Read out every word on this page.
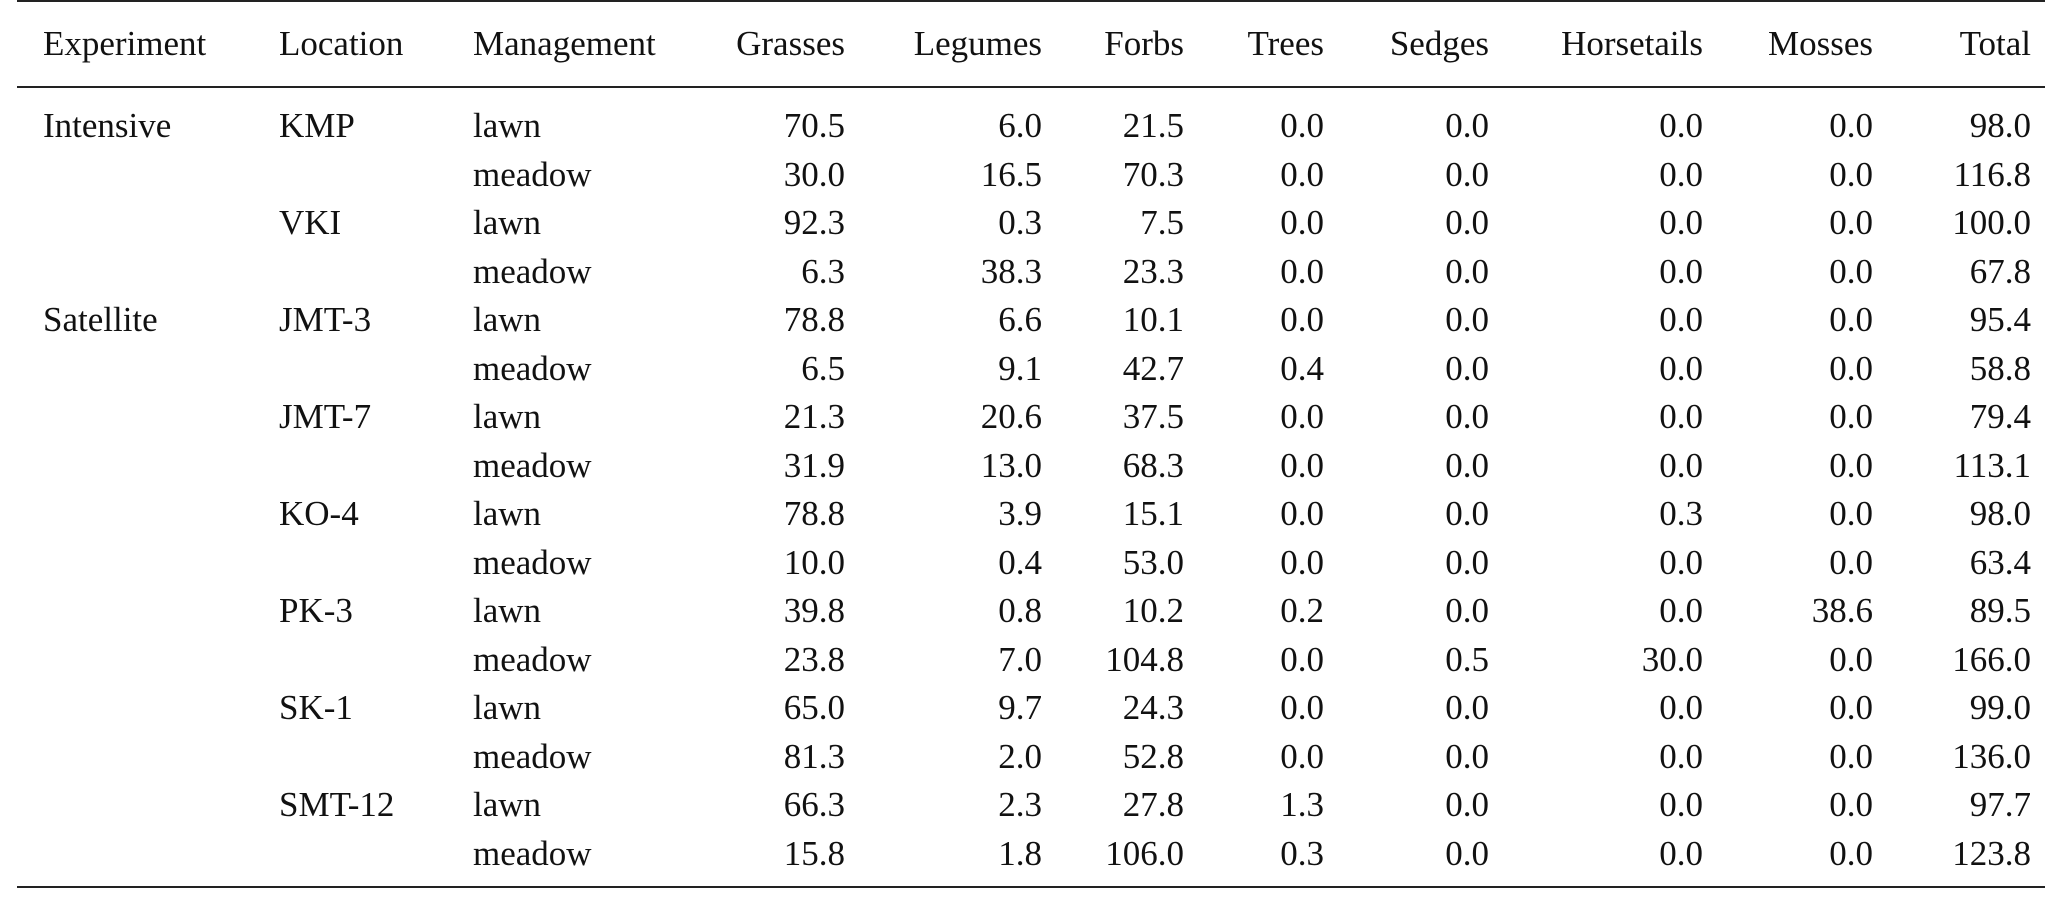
Experiment	Location	Management	Grasses	Legumes	Forbs	Trees	Sedges	Horsetails	Mosses	Total
Intensive	KMP	lawn	70.5	6.0	21.5	0.0	0.0	0.0	0.0	98.0
		meadow	30.0	16.5	70.3	0.0	0.0	0.0	0.0	116.8
	VKI	lawn	92.3	0.3	7.5	0.0	0.0	0.0	0.0	100.0
		meadow	6.3	38.3	23.3	0.0	0.0	0.0	0.0	67.8
Satellite	JMT-3	lawn	78.8	6.6	10.1	0.0	0.0	0.0	0.0	95.4
		meadow	6.5	9.1	42.7	0.4	0.0	0.0	0.0	58.8
	JMT-7	lawn	21.3	20.6	37.5	0.0	0.0	0.0	0.0	79.4
		meadow	31.9	13.0	68.3	0.0	0.0	0.0	0.0	113.1
	KO-4	lawn	78.8	3.9	15.1	0.0	0.0	0.3	0.0	98.0
		meadow	10.0	0.4	53.0	0.0	0.0	0.0	0.0	63.4
	PK-3	lawn	39.8	0.8	10.2	0.2	0.0	0.0	38.6	89.5
		meadow	23.8	7.0	104.8	0.0	0.5	30.0	0.0	166.0
	SK-1	lawn	65.0	9.7	24.3	0.0	0.0	0.0	0.0	99.0
		meadow	81.3	2.0	52.8	0.0	0.0	0.0	0.0	136.0
	SMT-12	lawn	66.3	2.3	27.8	1.3	0.0	0.0	0.0	97.7
		meadow	15.8	1.8	106.0	0.3	0.0	0.0	0.0	123.8
